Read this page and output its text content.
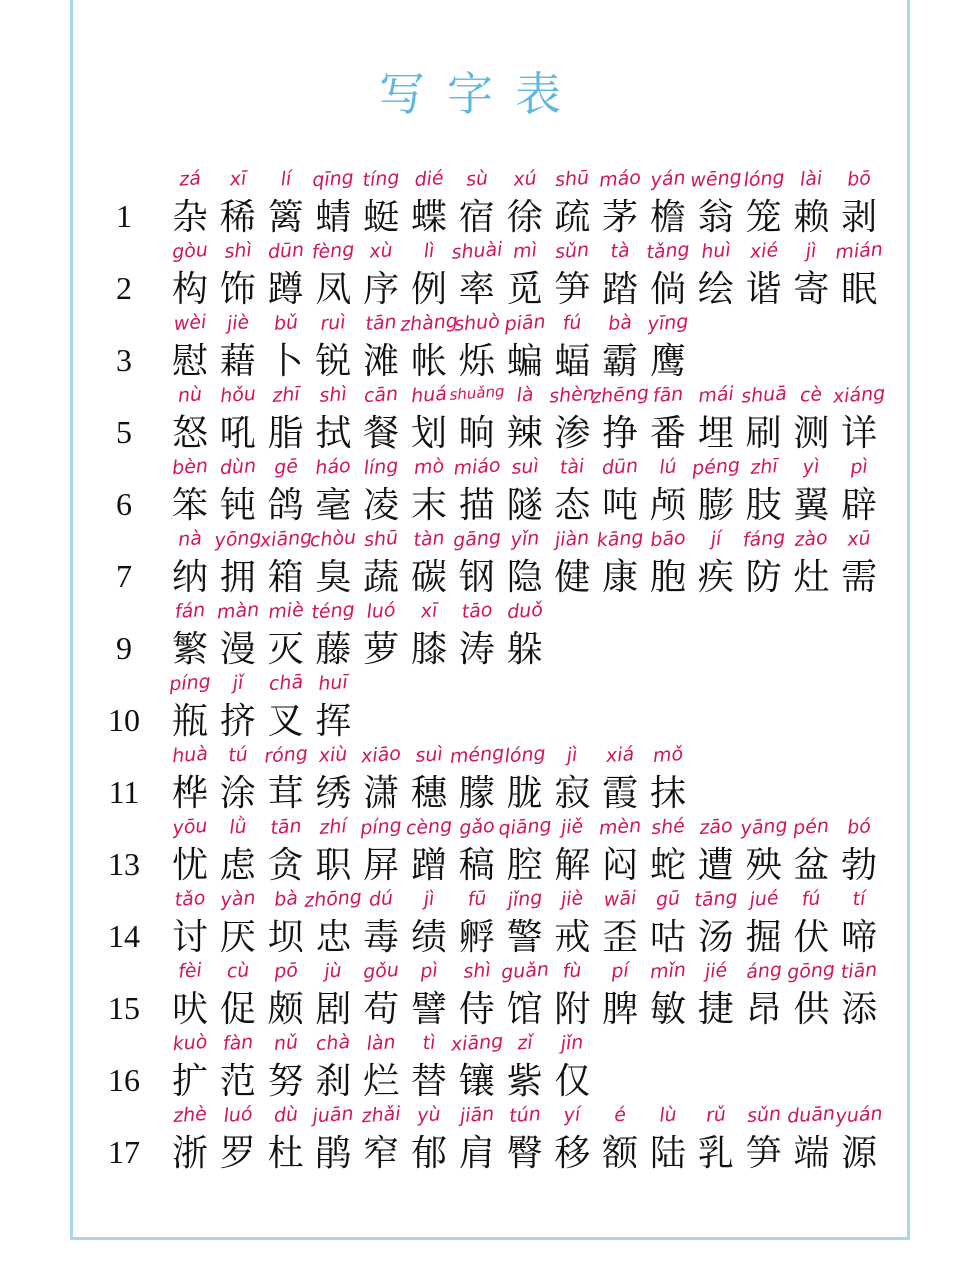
写字表
1
zá
杂
xī
稀
lí
篱
qīng
蜻
tíng
蜓
dié
蝶
sù
宿
xú
徐
shū
疏
máo
茅
yán
檐
wēng
翁
lóng
笼
lài
赖
bō
剥
2
gòu
构
shì
饰
dūn
蹲
fèng
凤
xù
序
lì
例
shuài
率
mì
觅
sǔn
笋
tà
踏
tǎng
倘
huì
绘
xié
谐
jì
寄
mián
眠
3
wèi
慰
jiè
藉
bǔ
卜
ruì
锐
tān
滩
zhàng
帐
shuò
烁
piān
蝙
fú
蝠
bà
霸
yīng
鹰
5
nù
怒
hǒu
吼
zhī
脂
shì
拭
cān
餐
huá
划
shuǎng
晌
là
辣
shèn
渗
zhēng
挣
fān
番
mái
埋
shuā
刷
cè
测
xiáng
详
6
bèn
笨
dùn
钝
gē
鸽
háo
毫
líng
凌
mò
末
miáo
描
suì
隧
tài
态
dūn
吨
lú
颅
péng
膨
zhī
肢
yì
翼
pì
辟
7
nà
纳
yōng
拥
xiāng
箱
chòu
臭
shū
蔬
tàn
碳
gāng
钢
yǐn
隐
jiàn
健
kāng
康
bāo
胞
jí
疾
fáng
防
zào
灶
xū
需
9
fán
繁
màn
漫
miè
灭
téng
藤
luó
萝
xī
膝
tāo
涛
duǒ
躲
10
píng
瓶
jǐ
挤
chā
叉
huī
挥
11
huà
桦
tú
涂
róng
茸
xiù
绣
xiāo
潇
suì
穗
méng
朦
lóng
胧
jì
寂
xiá
霞
mǒ
抹
13
yōu
忧
lǜ
虑
tān
贪
zhí
职
píng
屏
cèng
蹭
gǎo
稿
qiāng
腔
jiě
解
mèn
闷
shé
蛇
zāo
遭
yāng
殃
pén
盆
bó
勃
14
tǎo
讨
yàn
厌
bà
坝
zhōng
忠
dú
毒
jì
绩
fū
孵
jǐng
警
jiè
戒
wāi
歪
gū
咕
tāng
汤
jué
掘
fú
伏
tí
啼
15
fèi
吠
cù
促
pō
颇
jù
剧
gǒu
苟
pì
譬
shì
侍
guǎn
馆
fù
附
pí
脾
mǐn
敏
jié
捷
áng
昂
gōng
供
tiān
添
16
kuò
扩
fàn
范
nǔ
努
chà
刹
làn
烂
tì
替
xiāng
镶
zǐ
紫
jǐn
仅
17
zhè
浙
luó
罗
dù
杜
juān
鹃
zhǎi
窄
yù
郁
jiān
肩
tún
臀
yí
移
é
额
lù
陆
rǔ
乳
sǔn
笋
duān
端
yuán
源
